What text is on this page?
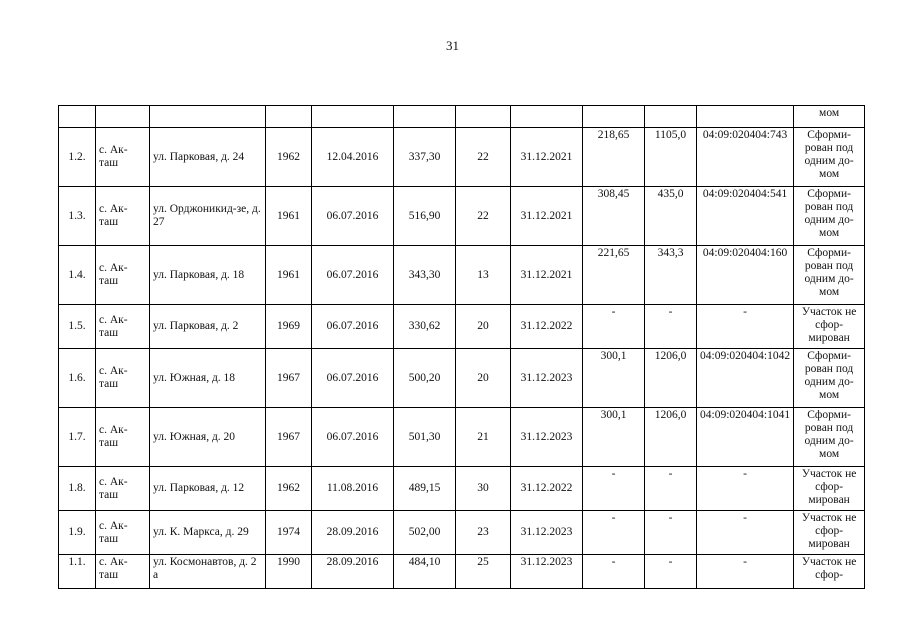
31
											мом
1.2.	с. Ак-таш	ул. Парковая, д. 24	1962	12.04.2016	337,30	22	31.12.2021	218,65	1105,0	04:09:020404:743	Сформи-рован под одним до-мом
1.3.	с. Ак-таш	ул. Орджоникид-зе, д. 27	1961	06.07.2016	516,90	22	31.12.2021	308,45	435,0	04:09:020404:541	Сформи-рован под одним до-мом
1.4.	с. Ак-таш	ул. Парковая, д. 18	1961	06.07.2016	343,30	13	31.12.2021	221,65	343,3	04:09:020404:160	Сформи-рован под одним до-мом
1.5.	с. Ак-таш	ул. Парковая, д. 2	1969	06.07.2016	330,62	20	31.12.2022	-	-	-	Участок не сфор-мирован
1.6.	с. Ак-таш	ул. Южная, д. 18	1967	06.07.2016	500,20	20	31.12.2023	300,1	1206,0	04:09:020404:1042	Сформи-рован под одним до-мом
1.7.	с. Ак-таш	ул. Южная, д. 20	1967	06.07.2016	501,30	21	31.12.2023	300,1	1206,0	04:09:020404:1041	Сформи-рован под одним до-мом
1.8.	с. Ак-таш	ул. Парковая, д. 12	1962	11.08.2016	489,15	30	31.12.2022	-	-	-	Участок не сфор-мирован
1.9.	с. Ак-таш	ул. К. Маркса, д. 29	1974	28.09.2016	502,00	23	31.12.2023	-	-	-	Участок не сфор-мирован
1.1.	с. Ак-таш	ул. Космонавтов, д. 2 а	1990	28.09.2016	484,10	25	31.12.2023	-	-	-	Участок не сфор-
